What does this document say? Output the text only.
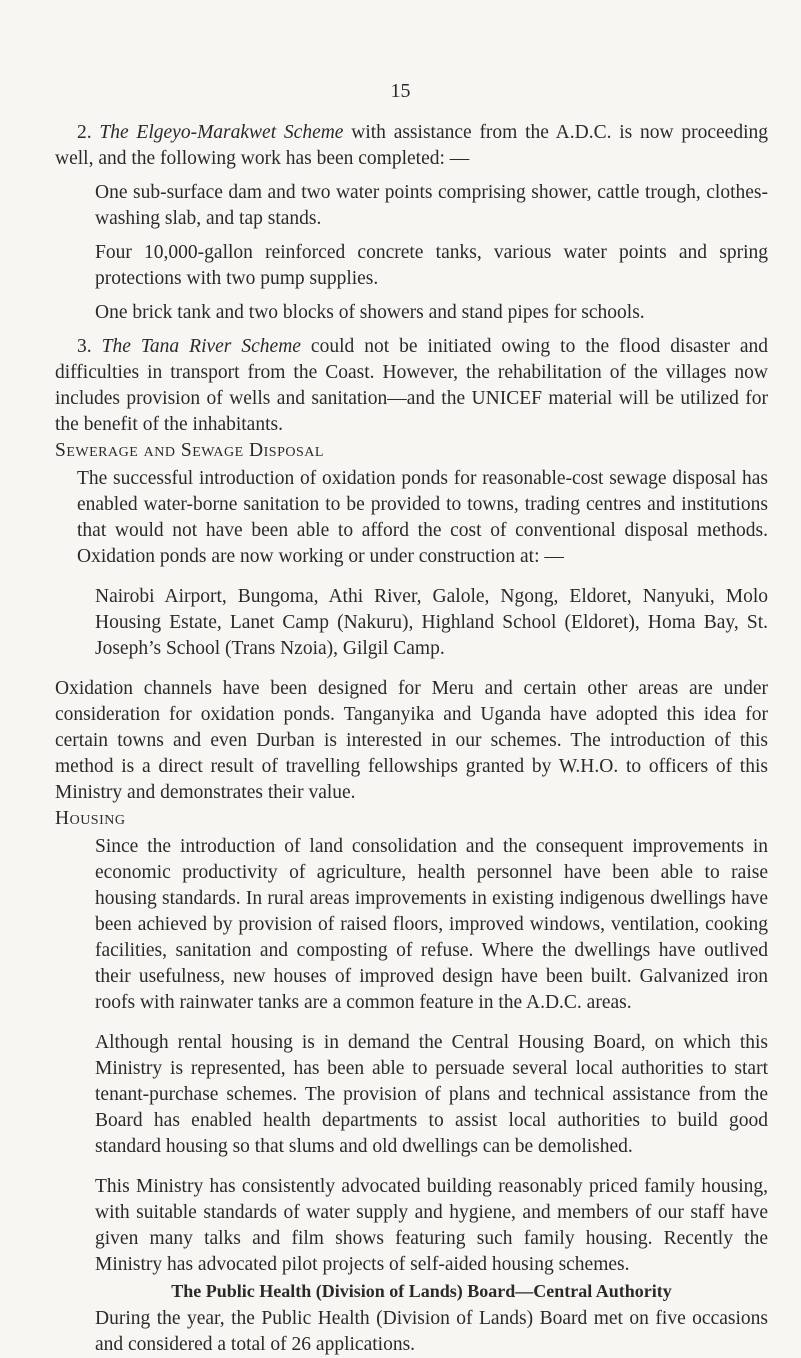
15

2. The Elgeyo-Marakwet Scheme with assistance from the A.D.C. is now proceeding well, and the following work has been completed: —

One sub-surface dam and two water points comprising shower, cattle trough, clothes-washing slab, and tap stands.

Four 10,000-gallon reinforced concrete tanks, various water points and spring protections with two pump supplies.

One brick tank and two blocks of showers and stand pipes for schools.

3. The Tana River Scheme could not be initiated owing to the flood disaster and difficulties in transport from the Coast. However, the rehabilitation of the villages now includes provision of wells and sanitation—and the UNICEF material will be utilized for the benefit of the inhabitants.

Sewerage and Sewage Disposal

The successful introduction of oxidation ponds for reasonable-cost sewage disposal has enabled water-borne sanitation to be provided to towns, trading centres and institutions that would not have been able to afford the cost of conventional disposal methods. Oxidation ponds are now working or under construction at: —

Nairobi Airport, Bungoma, Athi River, Galole, Ngong, Eldoret, Nanyuki, Molo Housing Estate, Lanet Camp (Nakuru), Highland School (Eldoret), Homa Bay, St. Joseph’s School (Trans Nzoia), Gilgil Camp.

Oxidation channels have been designed for Meru and certain other areas are under consideration for oxidation ponds. Tanganyika and Uganda have adopted this idea for certain towns and even Durban is interested in our schemes. The introduction of this method is a direct result of travelling fellowships granted by W.H.O. to officers of this Ministry and demonstrates their value.

Housing

Since the introduction of land consolidation and the consequent improvements in economic productivity of agriculture, health personnel have been able to raise housing standards. In rural areas improvements in existing indigenous dwellings have been achieved by provision of raised floors, improved windows, ventilation, cooking facilities, sanitation and composting of refuse. Where the dwellings have outlived their usefulness, new houses of improved design have been built. Galvanized iron roofs with rainwater tanks are a common feature in the A.D.C. areas.

Although rental housing is in demand the Central Housing Board, on which this Ministry is represented, has been able to persuade several local authorities to start tenant-purchase schemes. The provision of plans and technical assistance from the Board has enabled health departments to assist local authorities to build good standard housing so that slums and old dwellings can be demolished.

This Ministry has consistently advocated building reasonably priced family housing, with suitable standards of water supply and hygiene, and members of our staff have given many talks and film shows featuring such family housing. Recently the Ministry has advocated pilot projects of self-aided housing schemes.

The Public Health (Division of Lands) Board—Central Authority

During the year, the Public Health (Division of Lands) Board met on five occasions and considered a total of 26 applications.
